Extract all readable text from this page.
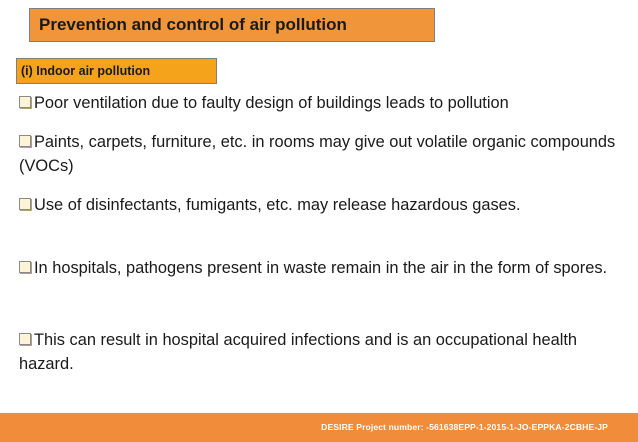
Prevention and control of air pollution
(i) Indoor air pollution
Poor ventilation due to faulty design of buildings leads to pollution
Paints, carpets, furniture, etc. in rooms may give out volatile organic compounds (VOCs)
Use of disinfectants, fumigants, etc. may release hazardous gases.
In hospitals, pathogens present in waste remain in the air in the form of spores.
This can result in hospital acquired infections and is an occupational health hazard.
DESIRE Project number: -561638EPP-1-2015-1-JO-EPPKA-2CBHE-JP
